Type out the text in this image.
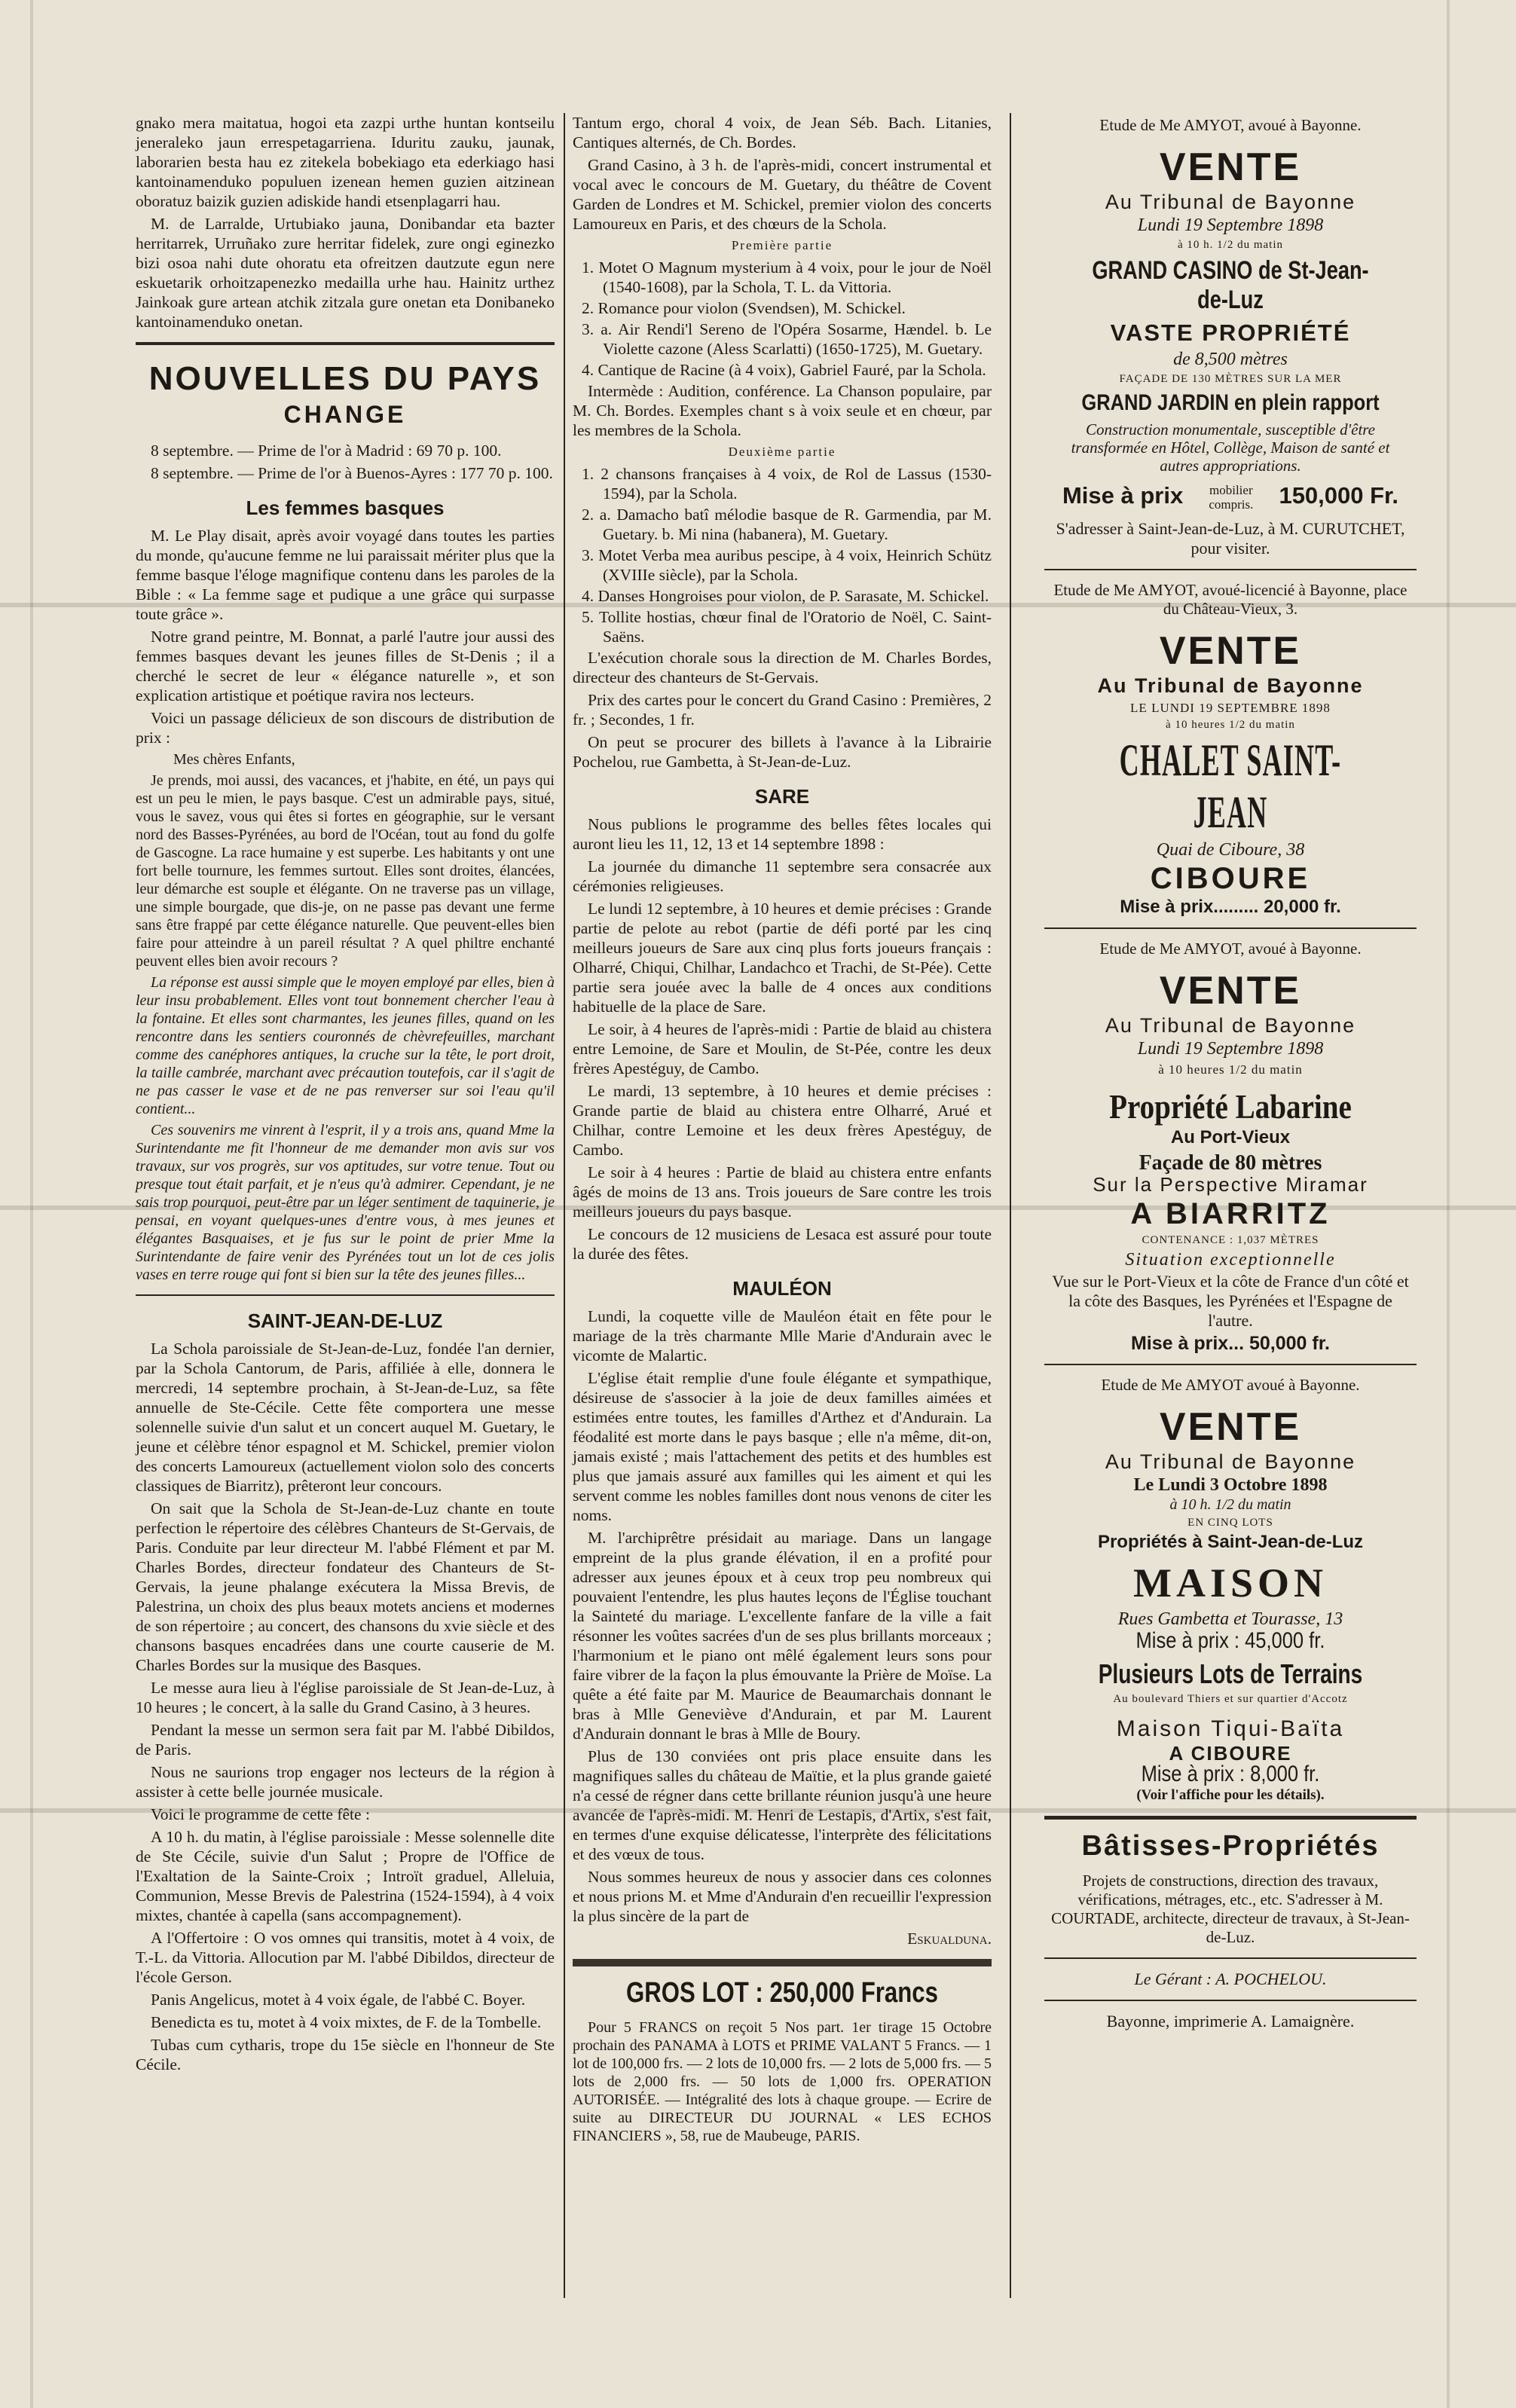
gnako mera maitatua, hogoi eta zazpi urthe huntan kontseilu jeneraleko jaun errespetagarriena. Iduritu zauku, jaunak, laborarien besta hau ez zitekela bobekiago eta ederkiago hasi kantoinamenduko populuen izenean hemen guzien aitzinean oboratuz baizik guzien adiskide handi etsenplagarri hau.

M. de Larralde, Urtubiako jauna, Donibandar eta bazter herritarrek, Urruñako zure herritar fidelek, zure ongi eginezko bizi osoa nahi dute ohoratu eta ofreitzen dautzute egun nere eskuetarik orhoitzapenezko medailla urhe hau. Hainitz urthez Jainkoak gure artean atchik zitzala gure onetan eta Donibaneko kantoinamenduko onetan.

NOUVELLES DU PAYS
CHANGE

8 septembre. — Prime de l'or à Madrid : 69 70 p. 100.

8 septembre. — Prime de l'or à Buenos-Ayres : 177 70 p. 100.

Les femmes basques

M. Le Play disait, après avoir voyagé dans toutes les parties du monde, qu'aucune femme ne lui paraissait mériter plus que la femme basque l'éloge magnifique contenu dans les paroles de la Bible : « La femme sage et pudique a une grâce qui surpasse toute grâce ».

Notre grand peintre, M. Bonnat, a parlé l'autre jour aussi des femmes basques devant les jeunes filles de St-Denis ; il a cherché le secret de leur « élégance naturelle », et son explication artistique et poétique ravira nos lecteurs.

Voici un passage délicieux de son discours de distribution de prix :

Mes chères Enfants,

Je prends, moi aussi, des vacances, et j'habite, en été, un pays qui est un peu le mien, le pays basque. C'est un admirable pays, situé, vous le savez, vous qui êtes si fortes en géographie, sur le versant nord des Basses-Pyrénées, au bord de l'Océan, tout au fond du golfe de Gascogne. La race humaine y est superbe. Les habitants y ont une fort belle tournure, les femmes surtout. Elles sont droites, élancées, leur démarche est souple et élégante. On ne traverse pas un village, une simple bourgade, que dis-je, on ne passe pas devant une ferme sans être frappé par cette élégance naturelle. Que peuvent-elles bien faire pour atteindre à un pareil résultat ? A quel philtre enchanté peuvent elles bien avoir recours ?

La réponse est aussi simple que le moyen employé par elles, bien à leur insu probablement. Elles vont tout bonnement chercher l'eau à la fontaine. Et elles sont charmantes, les jeunes filles, quand on les rencontre dans les sentiers couronnés de chèvrefeuilles, marchant comme des canéphores antiques, la cruche sur la tête, le port droit, la taille cambrée, marchant avec précaution toutefois, car il s'agit de ne pas casser le vase et de ne pas renverser sur soi l'eau qu'il contient...

Ces souvenirs me vinrent à l'esprit, il y a trois ans, quand Mme la Surintendante me fit l'honneur de me demander mon avis sur vos travaux, sur vos progrès, sur vos aptitudes, sur votre tenue. Tout ou presque tout était parfait, et je n'eus qu'à admirer. Cependant, je ne sais trop pourquoi, peut-être par un léger sentiment de taquinerie, je pensai, en voyant quelques-unes d'entre vous, à mes jeunes et élégantes Basquaises, et je fus sur le point de prier Mme la Surintendante de faire venir des Pyrénées tout un lot de ces jolis vases en terre rouge qui font si bien sur la tête des jeunes filles...

SAINT-JEAN-DE-LUZ

La Schola paroissiale de St-Jean-de-Luz, fondée l'an dernier, par la Schola Cantorum, de Paris, affiliée à elle, donnera le mercredi, 14 septembre prochain, à St-Jean-de-Luz, sa fête annuelle de Ste-Cécile. Cette fête comportera une messe solennelle suivie d'un salut et un concert auquel M. Guetary, le jeune et célèbre ténor espagnol et M. Schickel, premier violon des concerts Lamoureux (actuellement violon solo des concerts classiques de Biarritz), prêteront leur concours.

On sait que la Schola de St-Jean-de-Luz chante en toute perfection le répertoire des célèbres Chanteurs de St-Gervais, de Paris. Conduite par leur directeur M. l'abbé Flément et par M. Charles Bordes, directeur fondateur des Chanteurs de St-Gervais, la jeune phalange exécutera la Missa Brevis, de Palestrina, un choix des plus beaux motets anciens et modernes de son répertoire ; au concert, des chansons du xvie siècle et des chansons basques encadrées dans une courte causerie de M. Charles Bordes sur la musique des Basques.

Le messe aura lieu à l'église paroissiale de St Jean-de-Luz, à 10 heures ; le concert, à la salle du Grand Casino, à 3 heures.

Pendant la messe un sermon sera fait par M. l'abbé Dibildos, de Paris.

Nous ne saurions trop engager nos lecteurs de la région à assister à cette belle journée musicale.

Voici le programme de cette fête :

A 10 h. du matin, à l'église paroissiale : Messe solennelle dite de Ste Cécile, suivie d'un Salut ; Propre de l'Office de l'Exaltation de la Sainte-Croix ; Introït graduel, Alleluia, Communion, Messe Brevis de Palestrina (1524-1594), à 4 voix mixtes, chantée à capella (sans accompagnement).

A l'Offertoire : O vos omnes qui transitis, motet à 4 voix, de T.-L. da Vittoria. Allocution par M. l'abbé Dibildos, directeur de l'école Gerson.

Panis Angelicus, motet à 4 voix égale, de l'abbé C. Boyer.

Benedicta es tu, motet à 4 voix mixtes, de F. de la Tombelle.

Tubas cum cytharis, trope du 15e siècle en l'honneur de Ste Cécile.

Tantum ergo, choral 4 voix, de Jean Séb. Bach. Litanies, Cantiques alternés, de Ch. Bordes.

Grand Casino, à 3 h. de l'après-midi, concert instrumental et vocal avec le concours de M. Guetary, du théâtre de Covent Garden de Londres et M. Schickel, premier violon des concerts Lamoureux en Paris, et des chœurs de la Schola.

Première partie
1. Motet O Magnum mysterium à 4 voix, pour le jour de Noël (1540-1608), par la Schola, T. L. da Vittoria.
2. Romance pour violon (Svendsen), M. Schickel.
3. a. Air Rendi'l Sereno de l'Opéra Sosarme, Hændel. b. Le Violette cazone (Aless Scarlatti) (1650-1725), M. Guetary.
4. Cantique de Racine (à 4 voix), Gabriel Fauré, par la Schola.

Intermède : Audition, conférence. La Chanson populaire, par M. Ch. Bordes. Exemples chant s à voix seule et en chœur, par les membres de la Schola.

Deuxième partie
1. 2 chansons françaises à 4 voix, de Rol de Lassus (1530-1594), par la Schola.
2. a. Damacho batî mélodie basque de R. Garmendia, par M. Guetary. b. Mi nina (habanera), M. Guetary.
3. Motet Verba mea auribus pescipe, à 4 voix, Heinrich Schütz (XVIIIe siècle), par la Schola.
4. Danses Hongroises pour violon, de P. Sarasate, M. Schickel.
5. Tollite hostias, chœur final de l'Oratorio de Noël, C. Saint-Saëns.

L'exécution chorale sous la direction de M. Charles Bordes, directeur des chanteurs de St-Gervais.

Prix des cartes pour le concert du Grand Casino : Premières, 2 fr. ; Secondes, 1 fr.

On peut se procurer des billets à l'avance à la Librairie Pochelou, rue Gambetta, à St-Jean-de-Luz.

SARE

Nous publions le programme des belles fêtes locales qui auront lieu les 11, 12, 13 et 14 septembre 1898 :

La journée du dimanche 11 septembre sera consacrée aux cérémonies religieuses.

Le lundi 12 septembre, à 10 heures et demie précises : Grande partie de pelote au rebot (partie de défi porté par les cinq meilleurs joueurs de Sare aux cinq plus forts joueurs français : Olharré, Chiqui, Chilhar, Landachco et Trachi, de St-Pée). Cette partie sera jouée avec la balle de 4 onces aux conditions habituelle de la place de Sare.

Le soir, à 4 heures de l'après-midi : Partie de blaid au chistera entre Lemoine, de Sare et Moulin, de St-Pée, contre les deux frères Apestéguy, de Cambo.

Le mardi, 13 septembre, à 10 heures et demie précises : Grande partie de blaid au chistera entre Olharré, Arué et Chilhar, contre Lemoine et les deux frères Apestéguy, de Cambo.

Le soir à 4 heures : Partie de blaid au chistera entre enfants âgés de moins de 13 ans. Trois joueurs de Sare contre les trois meilleurs joueurs du pays basque.

Le concours de 12 musiciens de Lesaca est assuré pour toute la durée des fêtes.

MAULÉON

Lundi, la coquette ville de Mauléon était en fête pour le mariage de la très charmante Mlle Marie d'Andurain avec le vicomte de Malartic.

L'église était remplie d'une foule élégante et sympathique, désireuse de s'associer à la joie de deux familles aimées et estimées entre toutes, les familles d'Arthez et d'Andurain. La féodalité est morte dans le pays basque ; elle n'a même, dit-on, jamais existé ; mais l'attachement des petits et des humbles est plus que jamais assuré aux familles qui les aiment et qui les servent comme les nobles familles dont nous venons de citer les noms.

M. l'archiprêtre présidait au mariage. Dans un langage empreint de la plus grande élévation, il en a profité pour adresser aux jeunes époux et à ceux trop peu nombreux qui pouvaient l'entendre, les plus hautes leçons de l'Église touchant la Sainteté du mariage. L'excellente fanfare de la ville a fait résonner les voûtes sacrées d'un de ses plus brillants morceaux ; l'harmonium et le piano ont mêlé également leurs sons pour faire vibrer de la façon la plus émouvante la Prière de Moïse. La quête a été faite par M. Maurice de Beaumarchais donnant le bras à Mlle Geneviève d'Andurain, et par M. Laurent d'Andurain donnant le bras à Mlle de Boury.

Plus de 130 conviées ont pris place ensuite dans les magnifiques salles du château de Maïtie, et la plus grande gaieté n'a cessé de régner dans cette brillante réunion jusqu'à une heure avancée de l'après-midi. M. Henri de Lestapis, d'Artix, s'est fait, en termes d'une exquise délicatesse, l'interprète des félicitations et des vœux de tous.

Nous sommes heureux de nous y associer dans ces colonnes et nous prions M. et Mme d'Andurain d'en recueillir l'expression la plus sincère de la part de

Eskualduna.

GROS LOT : 250,000 Francs

Pour 5 FRANCS on reçoit 5 Nos part. 1er tirage 15 Octobre prochain des PANAMA à LOTS et PRIME VALANT 5 Francs. — 1 lot de 100,000 frs. — 2 lots de 10,000 frs. — 2 lots de 5,000 frs. — 5 lots de 2,000 frs. — 50 lots de 1,000 frs. OPERATION AUTORISÉE. — Intégralité des lots à chaque groupe. — Ecrire de suite au DIRECTEUR DU JOURNAL « LES ECHOS FINANCIERS », 58, rue de Maubeuge, PARIS.

Etude de Me AMYOT, avoué à Bayonne.
VENTE
Au Tribunal de Bayonne
Lundi 19 Septembre 1898
à 10 h. 1/2 du matin
GRAND CASINO de St-Jean-de-Luz
VASTE PROPRIÉTÉ
de 8,500 mètres
FAÇADE DE 130 MÈTRES SUR LA MER
GRAND JARDIN en plein rapport
Construction monumentale, susceptible d'être transformée en Hôtel, Collège, Maison de santé et autres appropriations.
Mise à prix mobilier compris. 150,000 Fr.
S'adresser à Saint-Jean-de-Luz, à M. CURUTCHET, pour visiter.
Etude de Me AMYOT, avoué-licencié à Bayonne, place du Château-Vieux, 3.
VENTE
Au Tribunal de Bayonne
LE LUNDI 19 SEPTEMBRE 1898
à 10 heures 1/2 du matin
CHALET SAINT-JEAN
Quai de Ciboure, 38
CIBOURE
Mise à prix......... 20,000 fr.
Etude de Me AMYOT, avoué à Bayonne.
VENTE
Au Tribunal de Bayonne
Lundi 19 Septembre 1898
à 10 heures 1/2 du matin
Propriété Labarine
Au Port-Vieux
Façade de 80 mètres
Sur la Perspective Miramar
A BIARRITZ
CONTENANCE : 1,037 MÈTRES
Situation exceptionnelle
Vue sur le Port-Vieux et la côte de France d'un côté et la côte des Basques, les Pyrénées et l'Espagne de l'autre.
Mise à prix... 50,000 fr.
Etude de Me AMYOT avoué à Bayonne.
VENTE
Au Tribunal de Bayonne
Le Lundi 3 Octobre 1898
à 10 h. 1/2 du matin
EN CINQ LOTS
Propriétés à Saint-Jean-de-Luz
MAISON
Rues Gambetta et Tourasse, 13
Mise à prix : 45,000 fr.
Plusieurs Lots de Terrains
Au boulevard Thiers et sur quartier d'Accotz
Maison Tiqui-Baïta
A CIBOURE
Mise à prix : 8,000 fr.
(Voir l'affiche pour les détails).
Bâtisses-Propriétés
Projets de constructions, direction des travaux, vérifications, métrages, etc., etc. S'adresser à M. COURTADE, architecte, directeur de travaux, à St-Jean-de-Luz.
Le Gérant : A. POCHELOU.
Bayonne, imprimerie A. Lamaignère.
